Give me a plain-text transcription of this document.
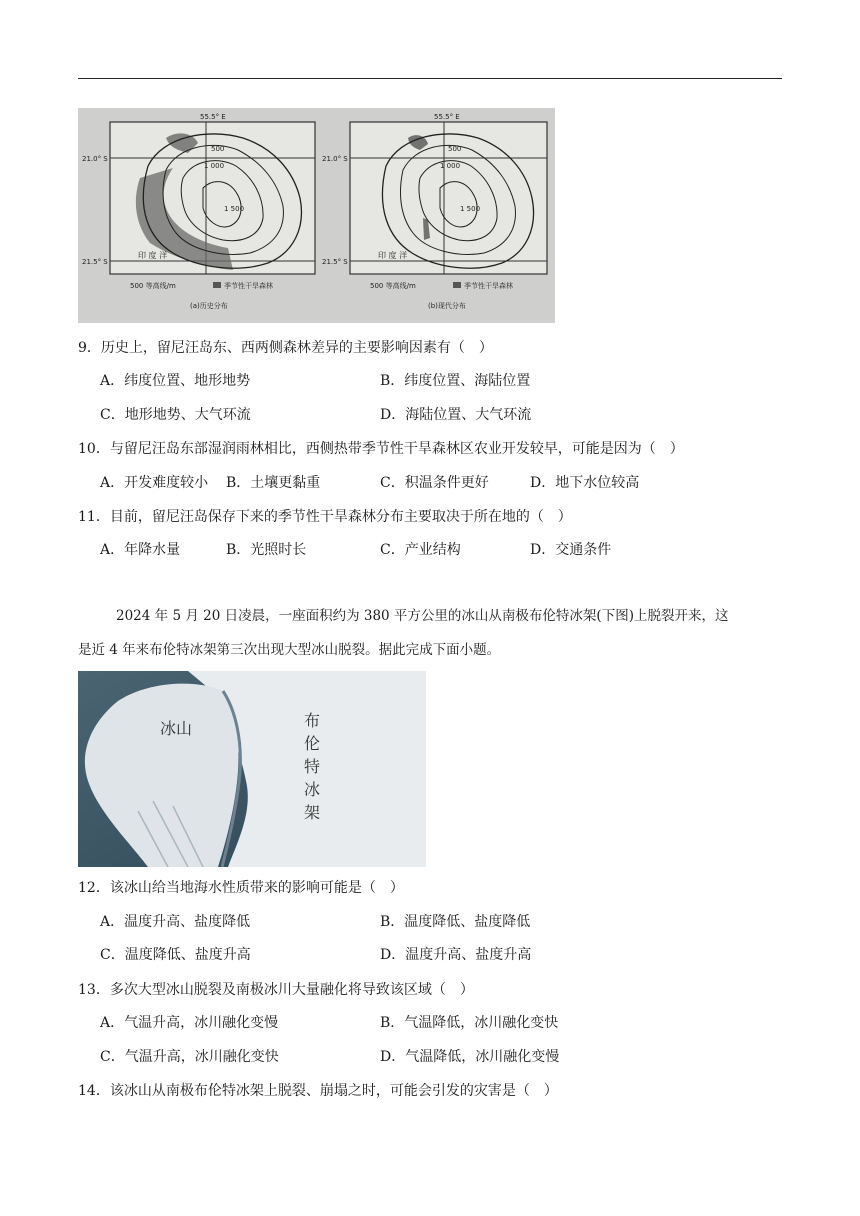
500
1 000
1 500
55.5° E
21.0° S
21.5° S
印 度 洋
500 等高线/m	季节性干旱森林
(a)历史分布
500
1 000
1 500
55.5° E
21.0° S
21.5° S
印 度 洋
500 等高线/m	季节性干旱森林
(b)现代分布
9．历史上，留尼汪岛东、西两侧森林差异的主要影响因素有（　）
A．纬度位置、地形地势	B．纬度位置、海陆位置
C．地形地势、大气环流	D．海陆位置、大气环流
10．与留尼汪岛东部湿润雨林相比，西侧热带季节性干旱森林区农业开发较早，可能是因为（　）
A．开发难度较小 B．土壤更黏重	C．积温条件更好	D．地下水位较高
11．目前，留尼汪岛保存下来的季节性干旱森林分布主要取决于所在地的（　）
A．年降水量	B．光照时长	C．产业结构	D．交通条件
2024 年 5 月 20 日凌晨，一座面积约为 380 平方公里的冰山从南极布伦特冰架(下图)上脱裂开来，这
是近 4 年来布伦特冰架第三次出现大型冰山脱裂。据此完成下面小题。
冰山	布
伦
特
冰
架
12．该冰山给当地海水性质带来的影响可能是（　）
A．温度升高、盐度降低	B．温度降低、盐度降低
C．温度降低、盐度升高	D．温度升高、盐度升高
13．多次大型冰山脱裂及南极冰川大量融化将导致该区域（　）
A．气温升高，冰川融化变慢	B．气温降低，冰川融化变快
C．气温升高，冰川融化变快	D．气温降低，冰川融化变慢
14．该冰山从南极布伦特冰架上脱裂、崩塌之时，可能会引发的灾害是（　）
